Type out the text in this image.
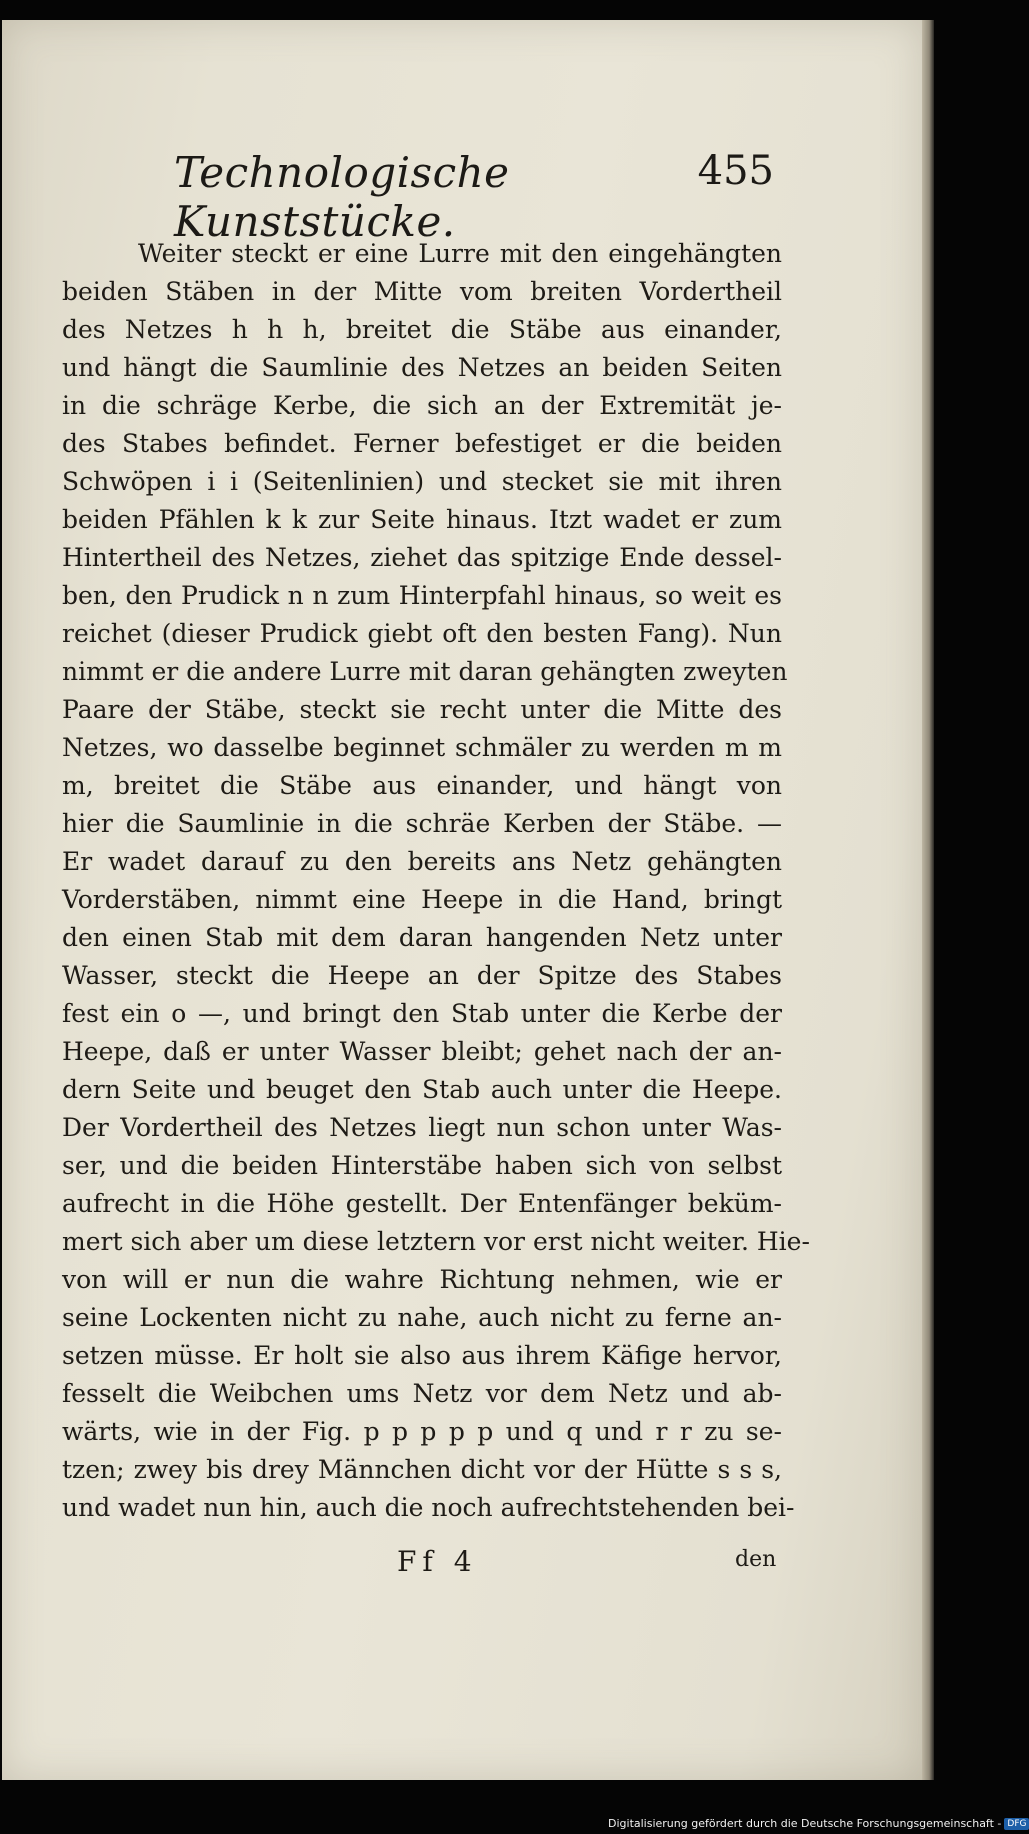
Technologische Kunststücke.
455
Weiter steckt er eine Lurre mit den eingehängten
beiden Stäben in der Mitte vom breiten Vordertheil
des Netzes h h h, breitet die Stäbe aus einander,
und hängt die Saumlinie des Netzes an beiden Seiten
in die schräge Kerbe, die sich an der Extremität je-
des Stabes befindet. Ferner befestiget er die beiden
Schwöpen i i (Seitenlinien) und stecket sie mit ihren
beiden Pfählen k k zur Seite hinaus. Itzt wadet er zum
Hintertheil des Netzes, ziehet das spitzige Ende dessel-
ben, den Prudick n n zum Hinterpfahl hinaus, so weit es
reichet (dieser Prudick giebt oft den besten Fang). Nun
nimmt er die andere Lurre mit daran gehängten zweyten
Paare der Stäbe, steckt sie recht unter die Mitte des
Netzes, wo dasselbe beginnet schmäler zu werden m m
m, breitet die Stäbe aus einander, und hängt von
hier die Saumlinie in die schräe Kerben der Stäbe. —
Er wadet darauf zu den bereits ans Netz gehängten
Vorderstäben, nimmt eine Heepe in die Hand, bringt
den einen Stab mit dem daran hangenden Netz unter
Wasser, steckt die Heepe an der Spitze des Stabes
fest ein o —, und bringt den Stab unter die Kerbe der
Heepe, daß er unter Wasser bleibt; gehet nach der an-
dern Seite und beuget den Stab auch unter die Heepe.
Der Vordertheil des Netzes liegt nun schon unter Was-
ser, und die beiden Hinterstäbe haben sich von selbst
aufrecht in die Höhe gestellt. Der Entenfänger beküm-
mert sich aber um diese letztern vor erst nicht weiter. Hie-
von will er nun die wahre Richtung nehmen, wie er
seine Lockenten nicht zu nahe, auch nicht zu ferne an-
setzen müsse. Er holt sie also aus ihrem Käfige hervor,
fesselt die Weibchen ums Netz vor dem Netz und ab-
wärts, wie in der Fig. p p p p p und q und r r zu se-
tzen; zwey bis drey Männchen dicht vor der Hütte s s s,
und wadet nun hin, auch die noch aufrechtstehenden bei-
Ff 4	den
Digitalisierung gefördert durch die Deutsche Forschungsgemeinschaft - DFG
